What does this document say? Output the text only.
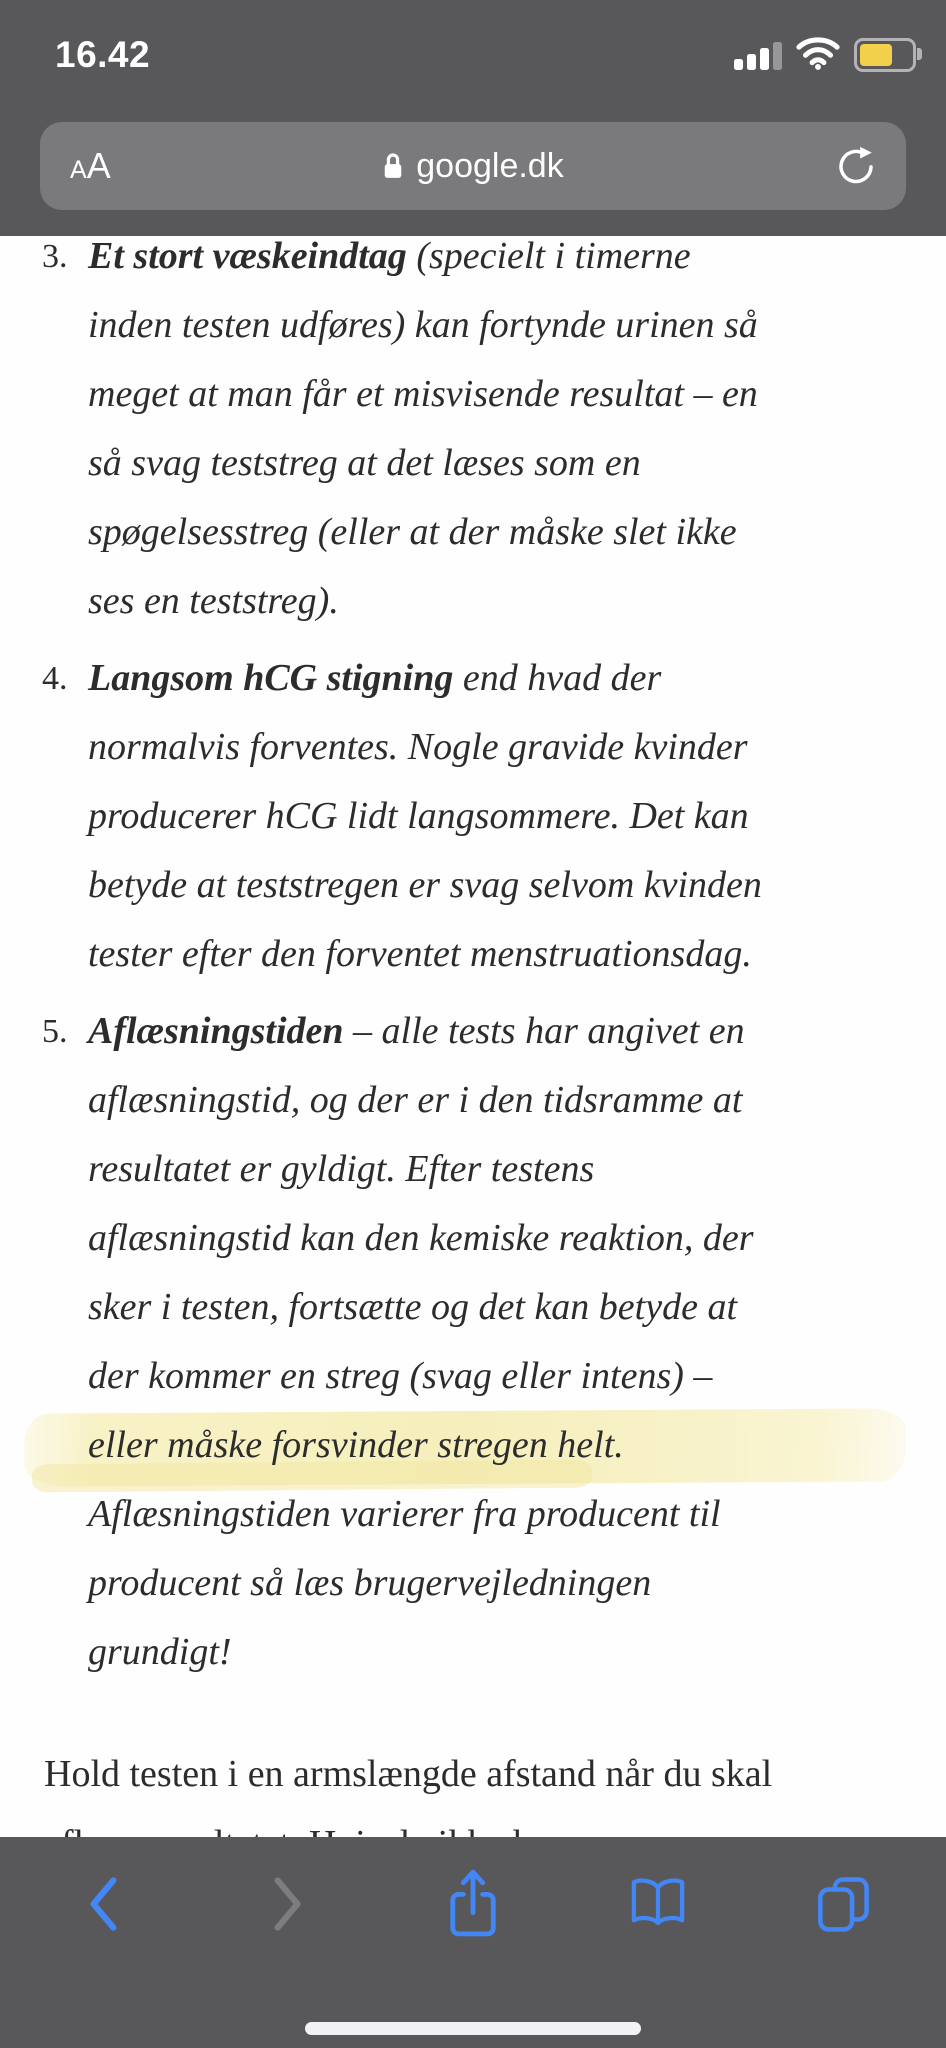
16.42
A A	google.dk
3. Et stort væskeindtag (specielt i timerne
inden testen udføres) kan fortynde urinen så
meget at man får et misvisende resultat – en
så svag teststreg at det læses som en
spøgelsesstreg (eller at der måske slet ikke
ses en teststreg).
4. Langsom hCG stigning end hvad der
normalvis forventes. Nogle gravide kvinder
producerer hCG lidt langsommere. Det kan
betyde at teststregen er svag selvom kvinden
tester efter den forventet menstruationsdag.
5. Aflæsningstiden – alle tests har angivet en
aflæsningstid, og der er i den tidsramme at
resultatet er gyldigt. Efter testens
aflæsningstid kan den kemiske reaktion, der
sker i testen, fortsætte og det kan betyde at
der kommer en streg (svag eller intens) –
eller måske forsvinder stregen helt.
Aflæsningstiden varierer fra producent til
producent så læs brugervejledningen
grundigt!
Hold testen i en armslængde afstand når du skal
